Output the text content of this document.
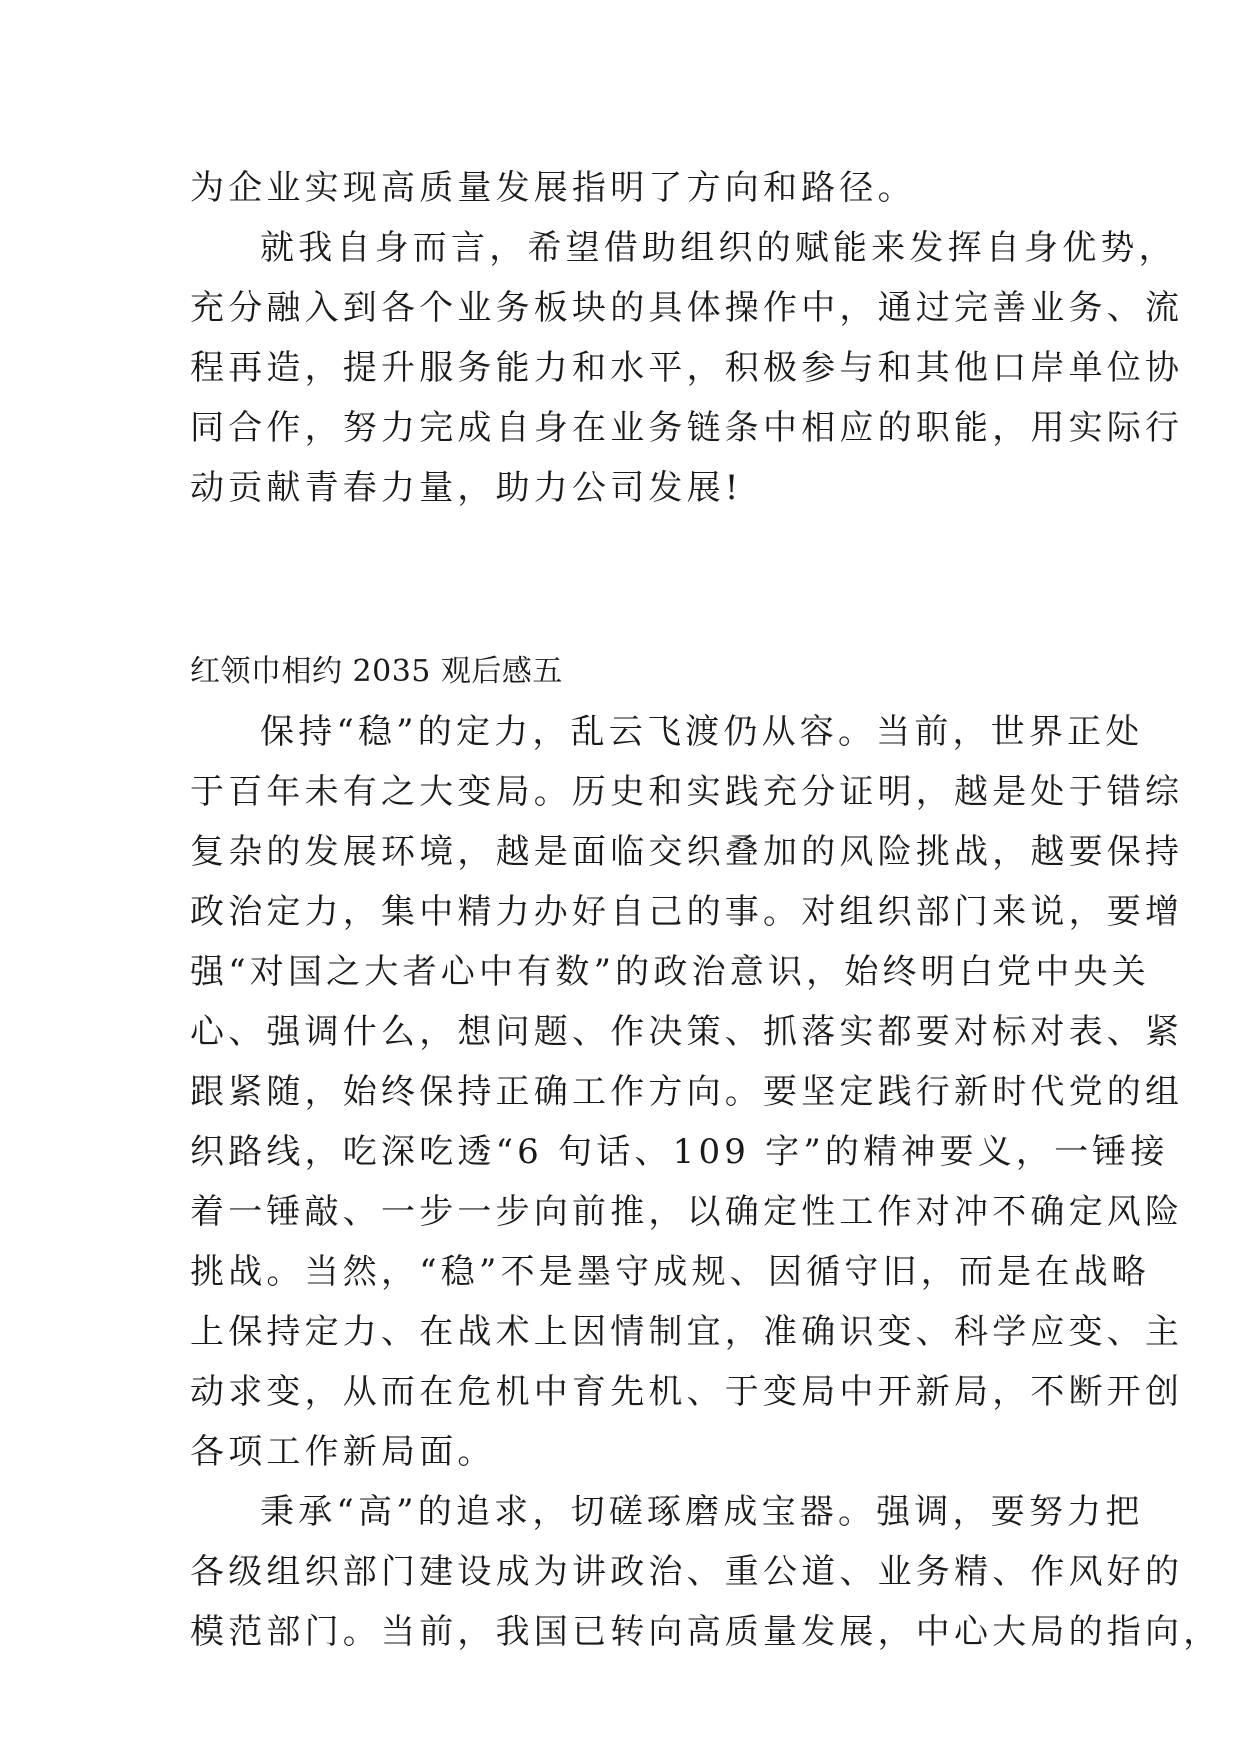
为企业实现高质量发展指明了方向和路径。
就我自身而言，希望借助组织的赋能来发挥自身优势，
充分融入到各个业务板块的具体操作中，通过完善业务、流
程再造，提升服务能力和水平，积极参与和其他口岸单位协
同合作，努力完成自身在业务链条中相应的职能，用实际行
动贡献青春力量，助力公司发展!
红领巾相约 2035 观后感五
保持“稳”的定力，乱云飞渡仍从容。当前，世界正处
于百年未有之大变局。历史和实践充分证明，越是处于错综
复杂的发展环境，越是面临交织叠加的风险挑战，越要保持
政治定力，集中精力办好自己的事。对组织部门来说，要增
强“对国之大者心中有数”的政治意识，始终明白党中央关
心、强调什么，想问题、作决策、抓落实都要对标对表、紧
跟紧随，始终保持正确工作方向。要坚定践行新时代党的组
织路线，吃深吃透“6 句话、109 字”的精神要义，一锤接
着一锤敲、一步一步向前推，以确定性工作对冲不确定风险
挑战。当然，“稳”不是墨守成规、因循守旧，而是在战略
上保持定力、在战术上因情制宜，准确识变、科学应变、主
动求变，从而在危机中育先机、于变局中开新局，不断开创
各项工作新局面。
秉承“高”的追求，切磋琢磨成宝器。强调，要努力把
各级组织部门建设成为讲政治、重公道、业务精、作风好的
模范部门。当前，我国已转向高质量发展，中心大局的指向，
